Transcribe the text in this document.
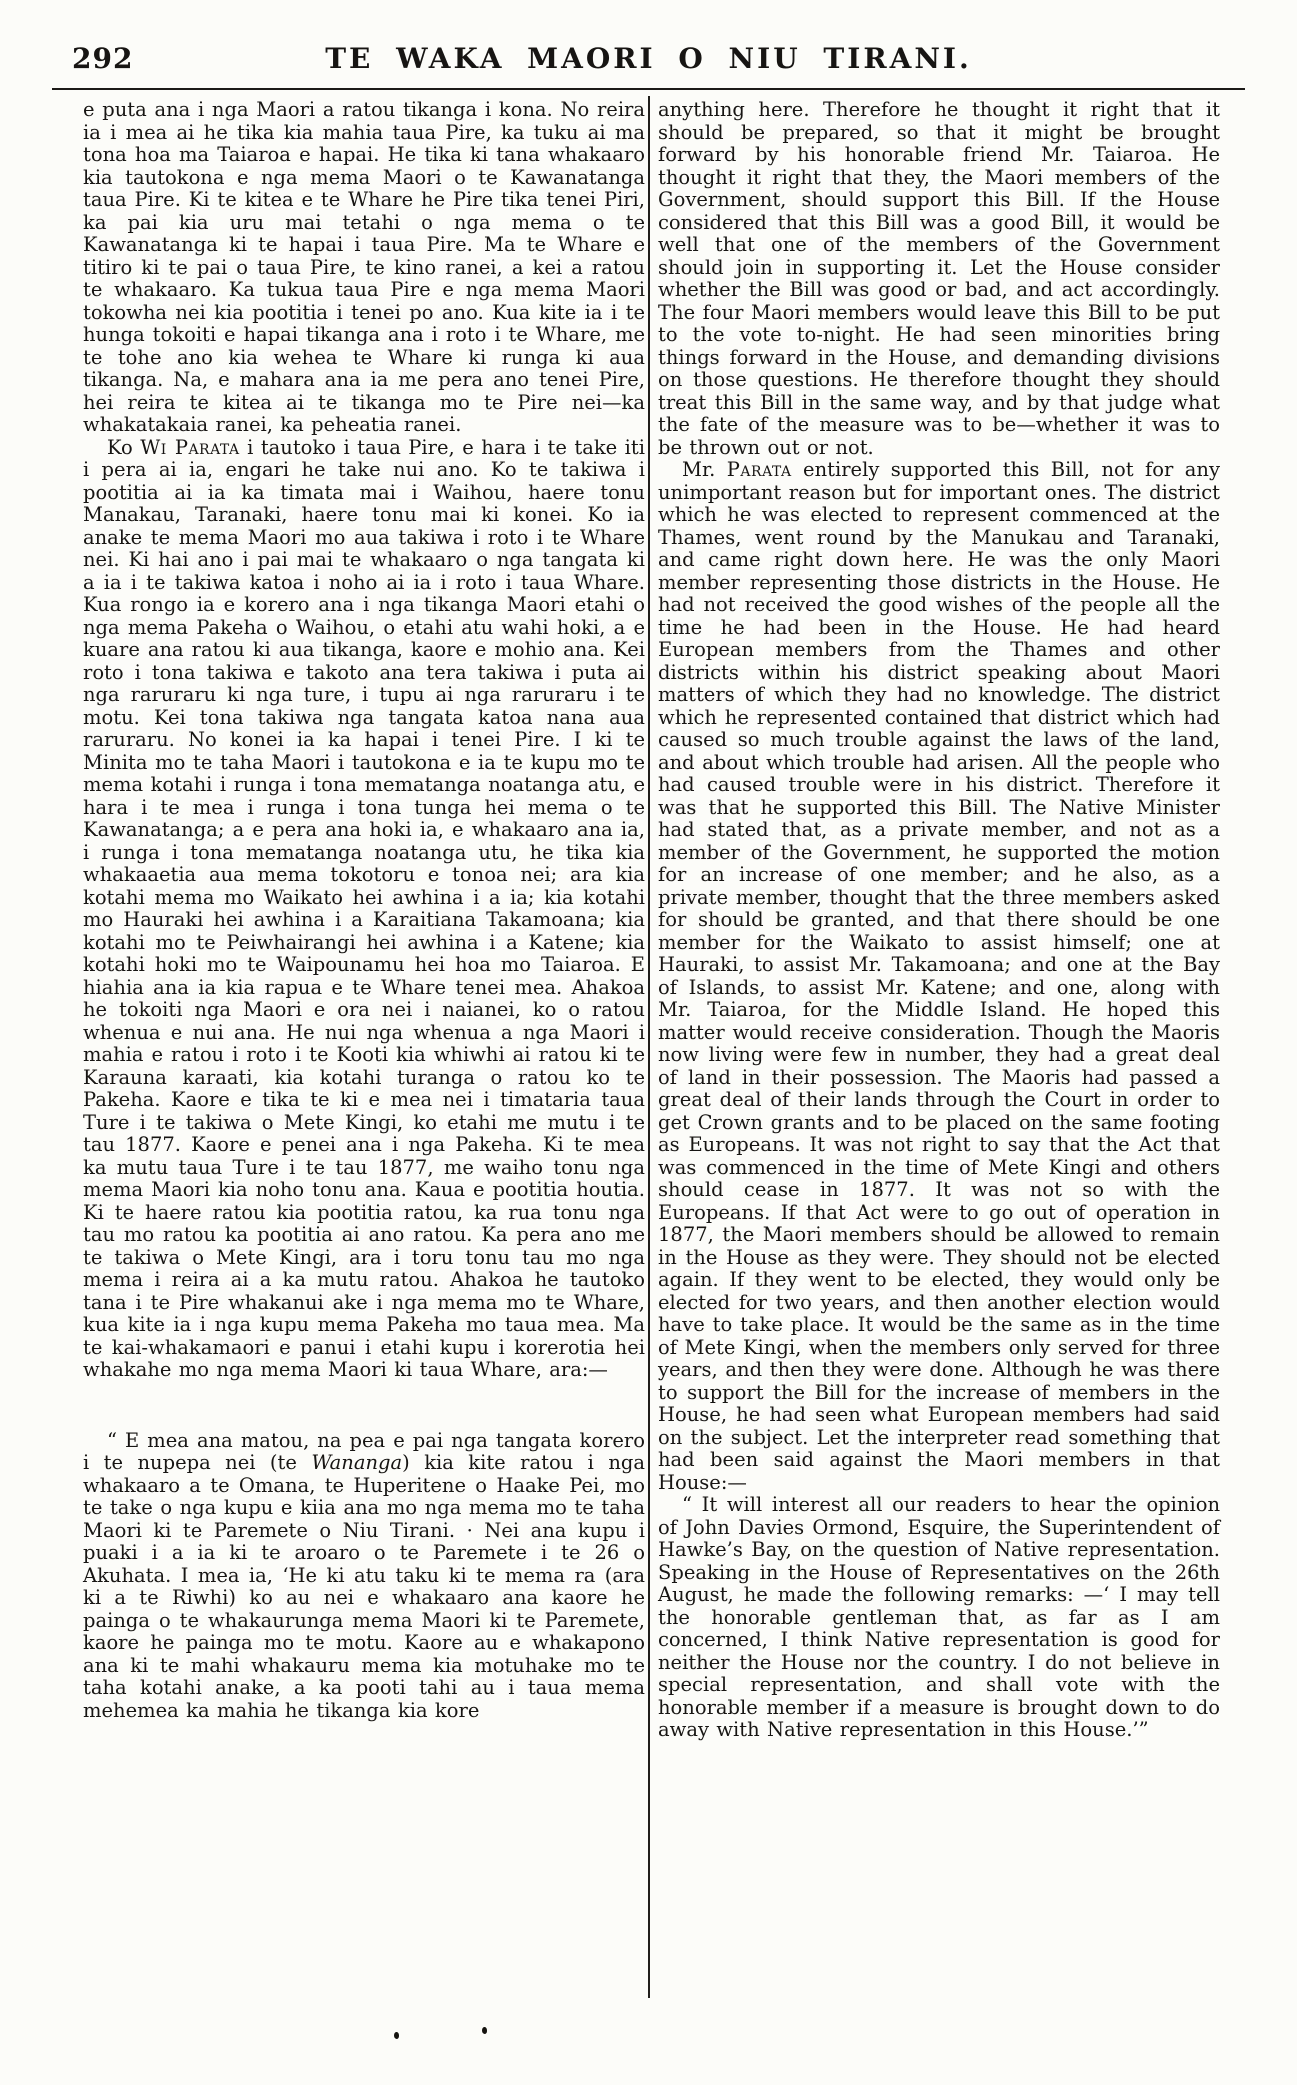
292	TE WAKA MAORI O NIU TIRANI.

e puta ana i nga Maori a ratou tikanga i kona. No reira ia i mea ai he tika kia mahia taua Pire, ka tuku ai ma tona hoa ma Taiaroa e hapai. He tika ki tana whakaaro kia tautokona e nga mema Maori o te Kawanatanga taua Pire. Ki te kitea e te Whare he Pire tika tenei Piri, ka pai kia uru mai tetahi o nga mema o te Kawanatanga ki te hapai i taua Pire. Ma te Whare e titiro ki te pai o taua Pire, te kino ranei, a kei a ratou te whakaaro. Ka tukua taua Pire e nga mema Maori tokowha nei kia pootitia i tenei po ano. Kua kite ia i te hunga tokoiti e hapai tikanga ana i roto i te Whare, me te tohe ano kia wehea te Whare ki runga ki aua tikanga. Na, e mahara ana ia me pera ano tenei Pire, hei reira te kitea ai te tikanga mo te Pire nei—ka whakatakaia ranei, ka peheatia ranei.

Ko Wi Parata i tautoko i taua Pire, e hara i te take iti i pera ai ia, engari he take nui ano. Ko te takiwa i pootitia ai ia ka timata mai i Waihou, haere tonu Manakau, Taranaki, haere tonu mai ki konei. Ko ia anake te mema Maori mo aua takiwa i roto i te Whare nei. Ki hai ano i pai mai te whakaaro o nga tangata ki a ia i te takiwa katoa i noho ai ia i roto i taua Whare. Kua rongo ia e korero ana i nga tikanga Maori etahi o nga mema Pakeha o Waihou, o etahi atu wahi hoki, a e kuare ana ratou ki aua tikanga, kaore e mohio ana. Kei roto i tona takiwa e takoto ana tera takiwa i puta ai nga raruraru ki nga ture, i tupu ai nga raruraru i te motu. Kei tona takiwa nga tangata katoa nana aua raruraru. No konei ia ka hapai i tenei Pire. I ki te Minita mo te taha Maori i tautokona e ia te kupu mo te mema kotahi i runga i tona mematanga noatanga atu, e hara i te mea i runga i tona tunga hei mema o te Kawanatanga; a e pera ana hoki ia, e whakaaro ana ia, i runga i tona mematanga noatanga utu, he tika kia whakaaetia aua mema tokotoru e tonoa nei; ara kia kotahi mema mo Waikato hei awhina i a ia; kia kotahi mo Hauraki hei awhina i a Karaitiana Takamoana; kia kotahi mo te Peiwhairangi hei awhina i a Katene; kia kotahi hoki mo te Waipounamu hei hoa mo Taiaroa. E hiahia ana ia kia rapua e te Whare tenei mea. Ahakoa he tokoiti nga Maori e ora nei i naianei, ko o ratou whenua e nui ana. He nui nga whenua a nga Maori i mahia e ratou i roto i te Kooti kia whiwhi ai ratou ki te Karauna karaati, kia kotahi turanga o ratou ko te Pakeha. Kaore e tika te ki e mea nei i timataria taua Ture i te takiwa o Mete Kingi, ko etahi me mutu i te tau 1877. Kaore e penei ana i nga Pakeha. Ki te mea ka mutu taua Ture i te tau 1877, me waiho tonu nga mema Maori kia noho tonu ana. Kaua e pootitia houtia. Ki te haere ratou kia pootitia ratou, ka rua tonu nga tau mo ratou ka pootitia ai ano ratou. Ka pera ano me te takiwa o Mete Kingi, ara i toru tonu tau mo nga mema i reira ai a ka mutu ratou. Ahakoa he tautoko tana i te Pire whakanui ake i nga mema mo te Whare, kua kite ia i nga kupu mema Pakeha mo taua mea. Ma te kai-whakamaori e panui i etahi kupu i korerotia hei whakahe mo nga mema Maori ki taua Whare, ara:—

“ E mea ana matou, na pea e pai nga tangata korero i te nupepa nei (te Wananga) kia kite ratou i nga whakaaro a te Omana, te Huperitene o Haake Pei, mo te take o nga kupu e kiia ana mo nga mema mo te taha Maori ki te Paremete o Niu Tirani. · Nei ana kupu i puaki i a ia ki te aroaro o te Paremete i te 26 o Akuhata. I mea ia, ‘He ki atu taku ki te mema ra (ara ki a te Riwhi) ko au nei e whakaaro ana kaore he painga o te whakaurunga mema Maori ki te Paremete, kaore he painga mo te motu. Kaore au e whakapono ana ki te mahi whakauru mema kia motuhake mo te taha kotahi anake, a ka pooti tahi au i taua mema mehemea ka mahia he tikanga kia kore

anything here. Therefore he thought it right that it should be prepared, so that it might be brought forward by his honorable friend Mr. Taiaroa. He thought it right that they, the Maori members of the Government, should support this Bill. If the House considered that this Bill was a good Bill, it would be well that one of the members of the Government should join in supporting it. Let the House consider whether the Bill was good or bad, and act accordingly. The four Maori members would leave this Bill to be put to the vote to-night. He had seen minorities bring things forward in the House, and demanding divisions on those questions. He therefore thought they should treat this Bill in the same way, and by that judge what the fate of the measure was to be—whether it was to be thrown out or not.

Mr. Parata entirely supported this Bill, not for any unimportant reason but for important ones. The district which he was elected to represent commenced at the Thames, went round by the Manukau and Taranaki, and came right down here. He was the only Maori member representing those districts in the House. He had not received the good wishes of the people all the time he had been in the House. He had heard European members from the Thames and other districts within his district speaking about Maori matters of which they had no knowledge. The district which he represented contained that district which had caused so much trouble against the laws of the land, and about which trouble had arisen. All the people who had caused trouble were in his district. Therefore it was that he supported this Bill. The Native Minister had stated that, as a private member, and not as a member of the Government, he supported the motion for an increase of one member; and he also, as a private member, thought that the three members asked for should be granted, and that there should be one member for the Waikato to assist himself; one at Hauraki, to assist Mr. Takamoana; and one at the Bay of Islands, to assist Mr. Katene; and one, along with Mr. Taiaroa, for the Middle Island. He hoped this matter would receive consideration. Though the Maoris now living were few in number, they had a great deal of land in their possession. The Maoris had passed a great deal of their lands through the Court in order to get Crown grants and to be placed on the same footing as Europeans. It was not right to say that the Act that was commenced in the time of Mete Kingi and others should cease in 1877. It was not so with the Europeans. If that Act were to go out of operation in 1877, the Maori members should be allowed to remain in the House as they were. They should not be elected again. If they went to be elected, they would only be elected for two years, and then another election would have to take place. It would be the same as in the time of Mete Kingi, when the members only served for three years, and then they were done. Although he was there to support the Bill for the increase of members in the House, he had seen what European members had said on the subject. Let the interpreter read something that had been said against the Maori members in that House:—

“ It will interest all our readers to hear the opinion of John Davies Ormond, Esquire, the Superintendent of Hawke’s Bay, on the question of Native representation. Speaking in the House of Representatives on the 26th August, he made the following remarks: —‘ I may tell the honorable gentleman that, as far as I am concerned, I think Native representation is good for neither the House nor the country. I do not believe in special representation, and shall vote with the honorable member if a measure is brought down to do away with Native representation in this House.’”
